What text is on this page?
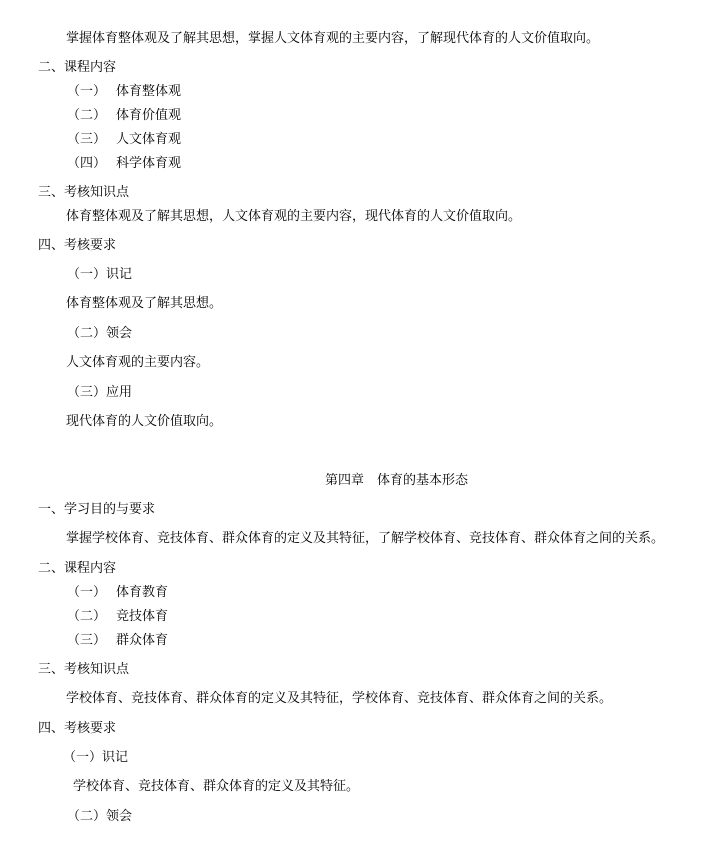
掌握体育整体观及了解其思想，掌握人文体育观的主要内容，了解现代体育的人文价值取向。
二、课程内容
（一） 体育整体观
（二） 体育价值观
（三） 人文体育观
（四） 科学体育观
三、考核知识点
体育整体观及了解其思想，人文体育观的主要内容，现代体育的人文价值取向。
四、考核要求
（一）识记
体育整体观及了解其思想。
（二）领会
人文体育观的主要内容。
（三）应用
现代体育的人文价值取向。
第四章　体育的基本形态
一、学习目的与要求
掌握学校体育、竞技体育、群众体育的定义及其特征，了解学校体育、竞技体育、群众体育之间的关系。
二、课程内容
（一） 体育教育
（二） 竞技体育
（三） 群众体育
三、考核知识点
学校体育、竞技体育、群众体育的定义及其特征，学校体育、竞技体育、群众体育之间的关系。
四、考核要求
（一）识记
学校体育、竞技体育、群众体育的定义及其特征。
（二）领会
